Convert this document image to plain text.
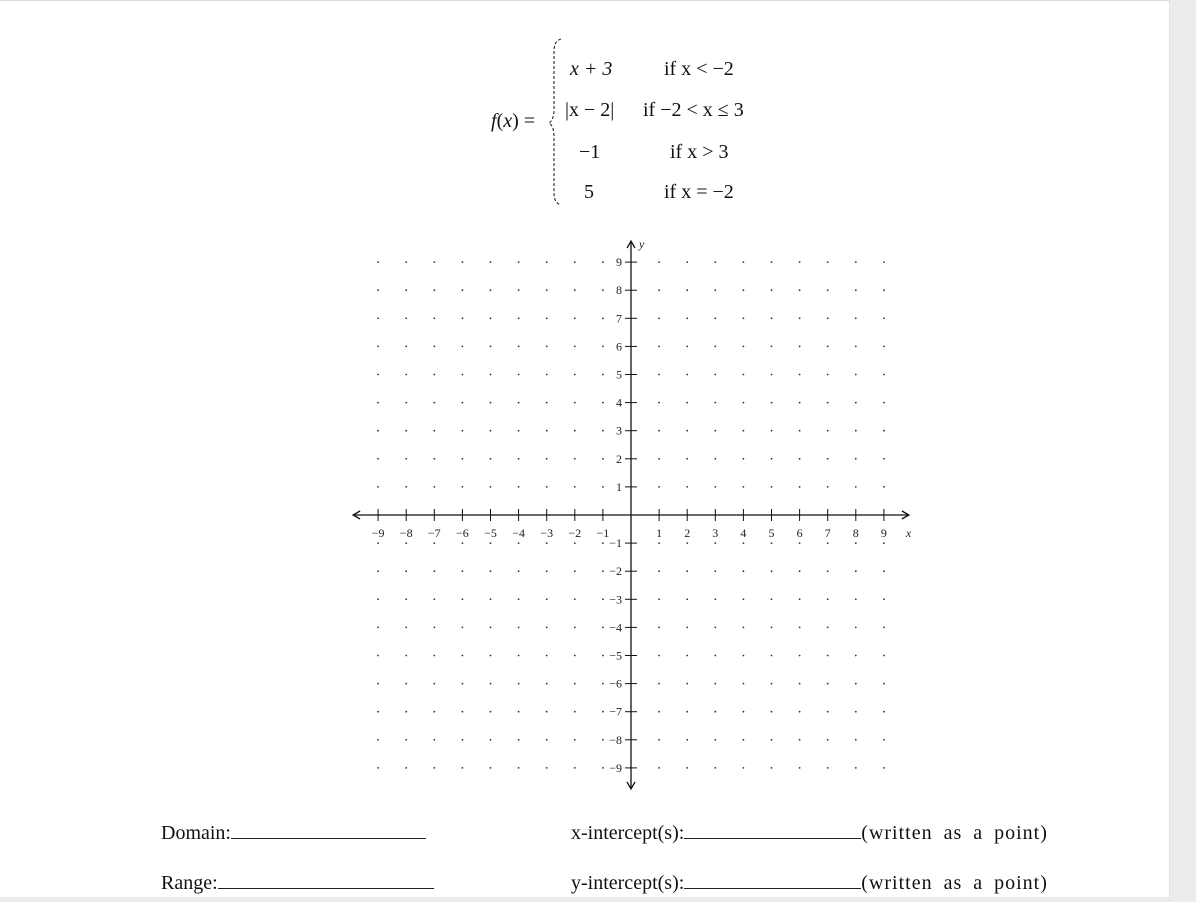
f(x) =
x + 3	if x < −2
|x − 2| if −2 < x ≤ 3
−1	if x > 3
5	if x = −2
−9 −8 −7 −6 −5 −4 −3 −2 −1	1 2 3 4 5 6 7 8 9
9
8
7
6
5
4
3
2
1
−1
−2
−3
−4
−5
−6
−7
−8
−9
x
y
Domain:
Range:
x-intercept(s):	(written as a point)
y-intercept(s):	(written as a point)
